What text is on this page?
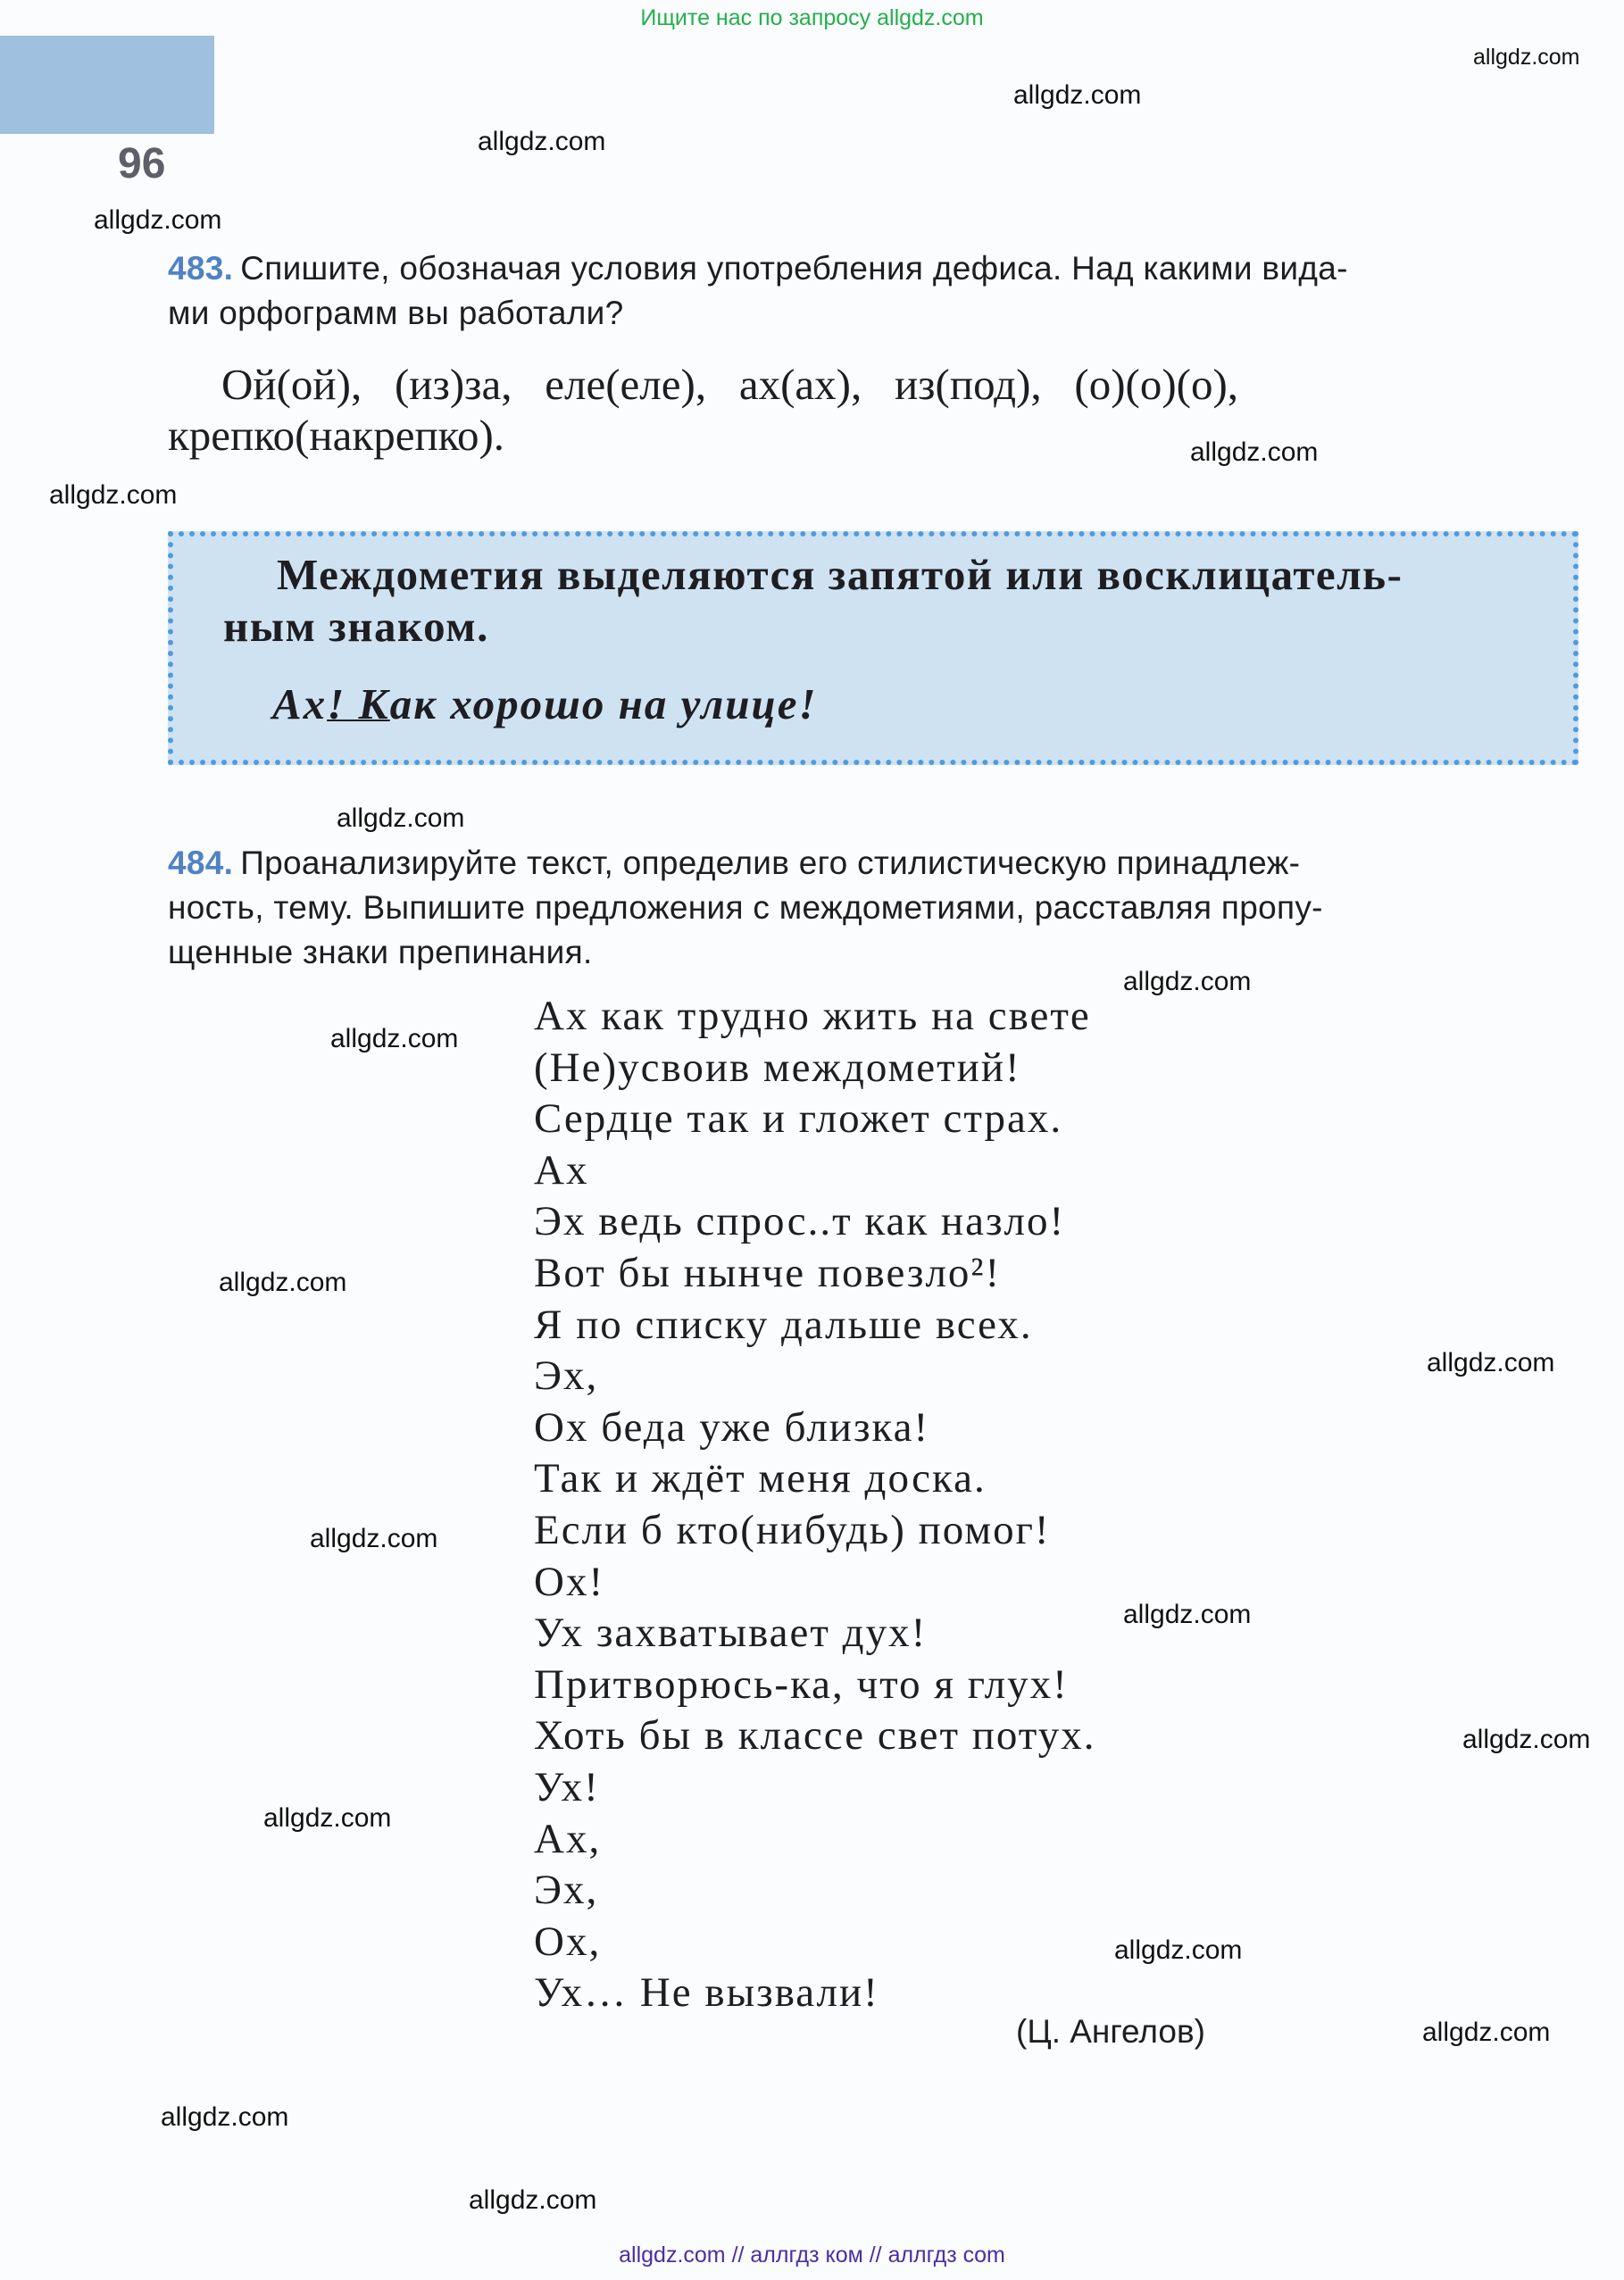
Ищите нас по запросу allgdz.com
96
allgdz.com
allgdz.com
allgdz.com
allgdz.com
allgdz.com
allgdz.com
allgdz.com
allgdz.com
allgdz.com
allgdz.com
allgdz.com
allgdz.com
allgdz.com
allgdz.com
allgdz.com
allgdz.com
allgdz.com
allgdz.com
allgdz.com
483. Спишите, обозначая условия употребления дефиса. Над какими вида-
ми орфограмм вы работали?
Ой(ой),   (из)за,   еле(еле),   ах(ах),   из(под),   (о)(о)(о),
крепко(накрепко).
Междометия выделяются запятой или восклицатель-
ным знаком.
Ах! Как хорошо на улице!
484. Проанализируйте текст, определив его стилистическую принадлеж-
ность, тему. Выпишите предложения с междометиями, расставляя пропу-
щенные знаки препинания.
Ах как трудно жить на свете
(Не)усвоив междометий!
Сердце так и гложет страх.
Ах
Эх ведь спрос..т как назло!
Вот бы нынче повезло²!
Я по списку дальше всех.
Эх,
Ох беда уже близка!
Так и ждёт меня доска.
Если б кто(нибудь) помог!
Ох!
Ух захватывает дух!
Притворюсь-ка, что я глух!
Хоть бы в классе свет потух.
Ух!
Ах,
Эх,
Ох,
Ух… Не вызвали!
(Ц. Ангелов)
allgdz.com // аллгдз ком // аллгдз com
